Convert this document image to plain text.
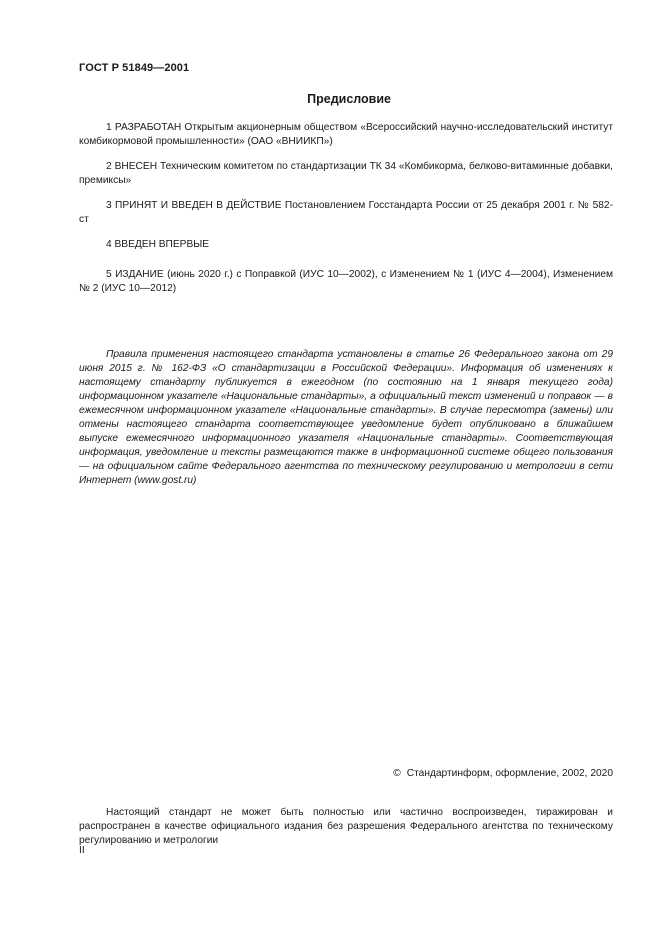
ГОСТ Р 51849—2001
Предисловие

1 РАЗРАБОТАН Открытым акционерным обществом «Всероссийский научно-исследовательский институт комбикормовой промышленности» (ОАО «ВНИИКП»)

2 ВНЕСЕН Техническим комитетом по стандартизации ТК 34 «Комбикорма, белково-витаминные добавки, премиксы»

3 ПРИНЯТ И ВВЕДЕН В ДЕЙСТВИЕ Постановлением Госстандарта России от 25 декабря 2001 г. № 582-ст

4 ВВЕДЕН ВПЕРВЫЕ

5 ИЗДАНИЕ (июнь 2020 г.) с Поправкой (ИУС 10—2002), с Изменением № 1 (ИУС 4—2004), Изменением № 2 (ИУС 10—2012)

Правила применения настоящего стандарта установлены в статье 26 Федерального закона от 29 июня 2015 г. № 162-ФЗ «О стандартизации в Российской Федерации». Информация об изменениях к настоящему стандарту публикуется в ежегодном (по состоянию на 1 января текущего года) информационном указателе «Национальные стандарты», а официальный текст изменений и поправок — в ежемесячном информационном указателе «Национальные стандарты». В случае пересмотра (замены) или отмены настоящего стандарта соответствующее уведомление будет опубликовано в ближайшем выпуске ежемесячного информационного указателя «Национальные стандарты». Соответствующая информация, уведомление и тексты размещаются также в информационной системе общего пользования — на официальном сайте Федерального агентства по техническому регулированию и метрологии в сети Интернет (www.gost.ru)

© Стандартинформ, оформление, 2002, 2020

Настоящий стандарт не может быть полностью или частично воспроизведен, тиражирован и распространен в качестве официального издания без разрешения Федерального агентства по техническому регулированию и метрологии

II
